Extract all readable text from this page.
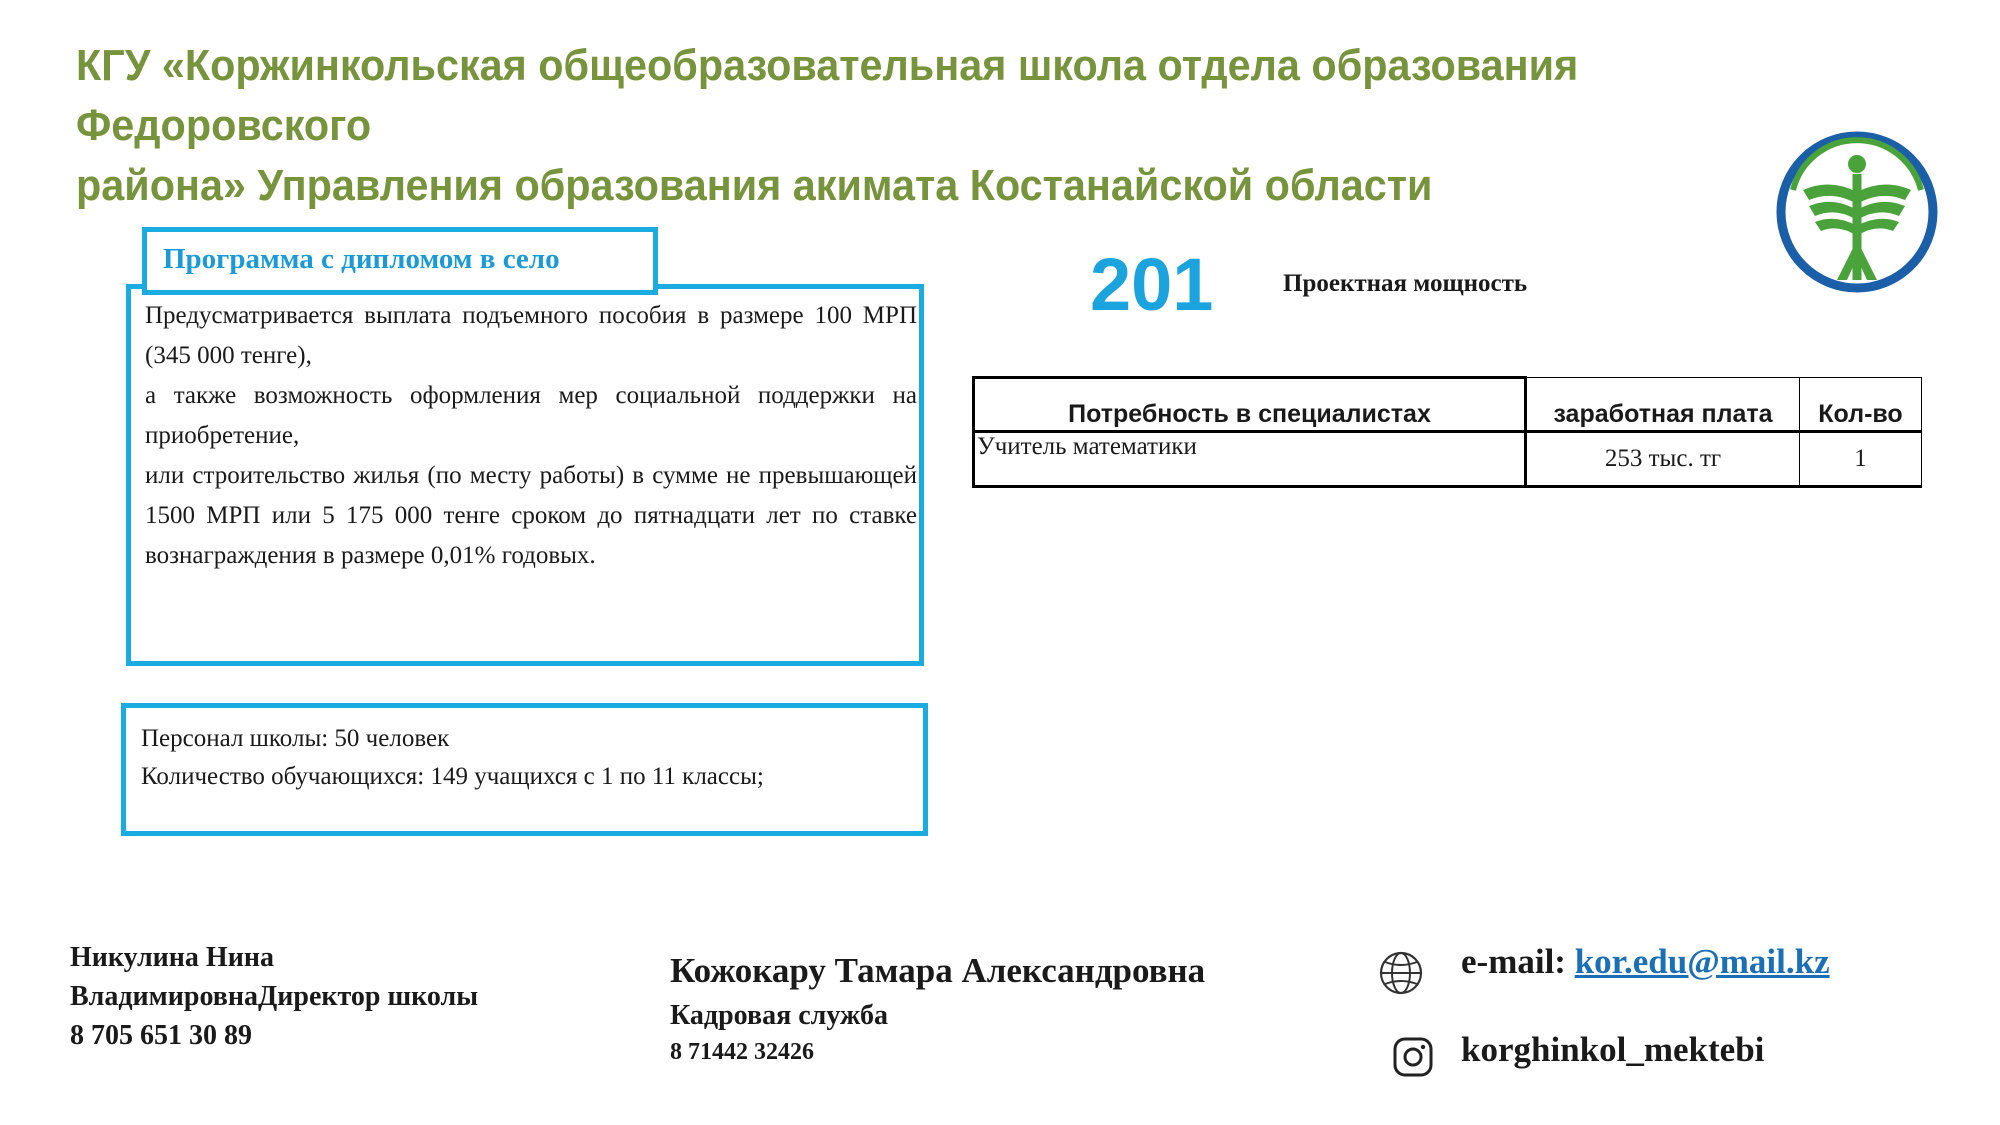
КГУ «Коржинкольская общеобразовательная школа отдела образования Федоровского
района» Управления образования акимата Костанайской области
Программа с дипломом в село

Предусматривается выплата подъемного пособия в размере 100 МРП (345 000 тенге),

а также возможность оформления мер социальной поддержки на приобретение,

или строительство жилья (по месту работы) в сумме не превышающей 1500 МРП или 5 175 000 тенге сроком до пятнадцати лет по ставке вознаграждения в размере 0,01% годовых.

Персонал школы: 50 человек
Количество обучающихся: 149 учащихся с 1 по 11 классы;
201	Проектная мощность
Потребность в специалистах	заработная плата	Кол-во
Учитель математики	253 тыс. тг	1
Никулина Нина
ВладимировнаДиректор школы
8 705 651 30 89
Кожокару Тамара Александровна
Кадровая служба
8 71442 32426
e-mail: kor.edu@mail.kz
korghinkol_mektebi
